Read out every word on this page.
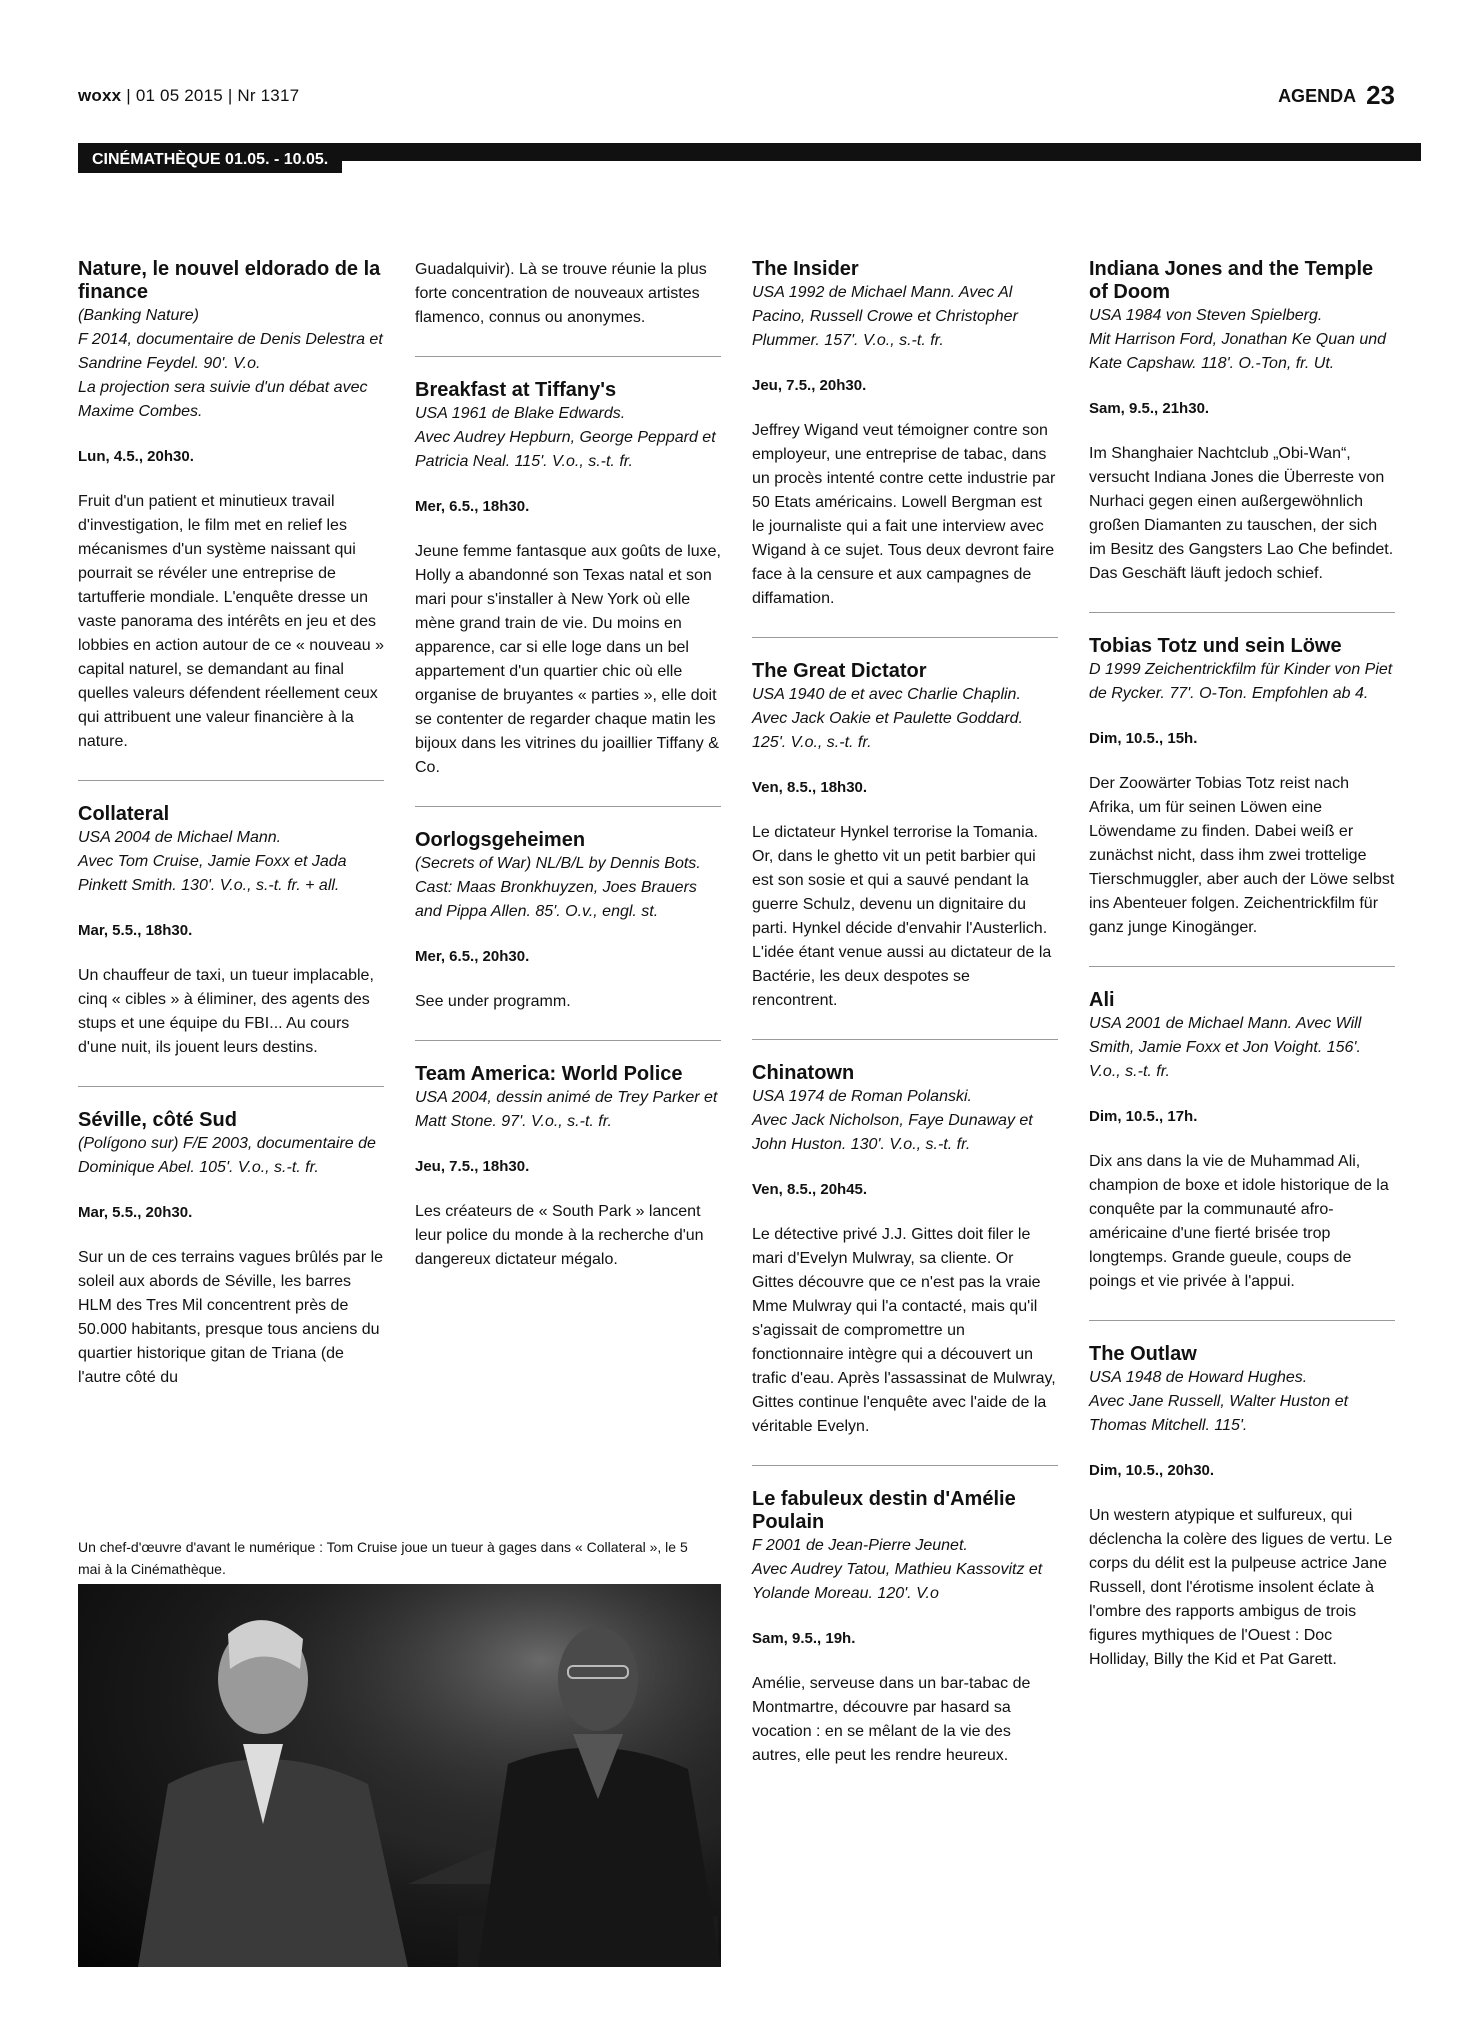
woxx | 01 05 2015 | Nr 1317	AGENDA 23
CINÉMATHÈQUE 01.05. - 10.05.
Nature, le nouvel eldorado de la finance
(Banking Nature)
F 2014, documentaire de Denis Delestra et Sandrine Feydel. 90'. V.o.
La projection sera suivie d'un débat avec Maxime Combes.
Lun, 4.5., 20h30.
Fruit d'un patient et minutieux travail d'investigation, le film met en relief les mécanismes d'un système naissant qui pourrait se révéler une entreprise de tartufferie mondiale. L'enquête dresse un vaste panorama des intérêts en jeu et des lobbies en action autour de ce « nouveau » capital naturel, se demandant au final quelles valeurs défendent réellement ceux qui attribuent une valeur financière à la nature.
Collateral
USA 2004 de Michael Mann.
Avec Tom Cruise, Jamie Foxx et Jada Pinkett Smith. 130'. V.o., s.-t. fr. + all.
Mar, 5.5., 18h30.
Un chauffeur de taxi, un tueur implacable, cinq « cibles » à éliminer, des agents des stups et une équipe du FBI... Au cours d'une nuit, ils jouent leurs destins.
Séville, côté Sud
(Polígono sur) F/E 2003, documentaire de Dominique Abel. 105'. V.o., s.-t. fr.
Mar, 5.5., 20h30.
Sur un de ces terrains vagues brûlés par le soleil aux abords de Séville, les barres HLM des Tres Mil concentrent près de 50.000 habitants, presque tous anciens du quartier historique gitan de Triana (de l'autre côté du
Guadalquivir). Là se trouve réunie la plus forte concentration de nouveaux artistes flamenco, connus ou anonymes.
Breakfast at Tiffany's
USA 1961 de Blake Edwards.
Avec Audrey Hepburn, George Peppard et Patricia Neal. 115'. V.o., s.-t. fr.
Mer, 6.5., 18h30.
Jeune femme fantasque aux goûts de luxe, Holly a abandonné son Texas natal et son mari pour s'installer à New York où elle mène grand train de vie. Du moins en apparence, car si elle loge dans un bel appartement d'un quartier chic où elle organise de bruyantes « parties », elle doit se contenter de regarder chaque matin les bijoux dans les vitrines du joaillier Tiffany & Co.
Oorlogsgeheimen
(Secrets of War) NL/B/L by Dennis Bots. Cast: Maas Bronkhuyzen, Joes Brauers and Pippa Allen. 85'. O.v., engl. st.
Mer, 6.5., 20h30.
See under programm.
Team America: World Police
USA 2004, dessin animé de Trey Parker et Matt Stone. 97'. V.o., s.-t. fr.
Jeu, 7.5., 18h30.
Les créateurs de « South Park » lancent leur police du monde à la recherche d'un dangereux dictateur mégalo.
The Insider
USA 1992 de Michael Mann. Avec Al Pacino, Russell Crowe et Christopher Plummer. 157'. V.o., s.-t. fr.
Jeu, 7.5., 20h30.
Jeffrey Wigand veut témoigner contre son employeur, une entreprise de tabac, dans un procès intenté contre cette industrie par 50 Etats américains. Lowell Bergman est le journaliste qui a fait une interview avec Wigand à ce sujet. Tous deux devront faire face à la censure et aux campagnes de diffamation.
The Great Dictator
USA 1940 de et avec Charlie Chaplin.
Avec Jack Oakie et Paulette Goddard. 125'. V.o., s.-t. fr.
Ven, 8.5., 18h30.
Le dictateur Hynkel terrorise la Tomania. Or, dans le ghetto vit un petit barbier qui est son sosie et qui a sauvé pendant la guerre Schulz, devenu un dignitaire du parti. Hynkel décide d'envahir l'Austerlich. L'idée étant venue aussi au dictateur de la Bactérie, les deux despotes se rencontrent.
Chinatown
USA 1974 de Roman Polanski.
Avec Jack Nicholson, Faye Dunaway et John Huston. 130'. V.o., s.-t. fr.
Ven, 8.5., 20h45.
Le détective privé J.J. Gittes doit filer le mari d'Evelyn Mulwray, sa cliente. Or Gittes découvre que ce n'est pas la vraie Mme Mulwray qui l'a contacté, mais qu'il s'agissait de compromettre un fonctionnaire intègre qui a découvert un trafic d'eau. Après l'assassinat de Mulwray, Gittes continue l'enquête avec l'aide de la véritable Evelyn.
Le fabuleux destin d'Amélie Poulain
F 2001 de Jean-Pierre Jeunet.
Avec Audrey Tatou, Mathieu Kassovitz et Yolande Moreau. 120'. V.o
Sam, 9.5., 19h.
Amélie, serveuse dans un bar-tabac de Montmartre, découvre par hasard sa vocation : en se mêlant de la vie des autres, elle peut les rendre heureux.
Indiana Jones and the Temple of Doom
USA 1984 von Steven Spielberg.
Mit Harrison Ford, Jonathan Ke Quan und Kate Capshaw. 118'. O.-Ton, fr. Ut.
Sam, 9.5., 21h30.
Im Shanghaier Nachtclub „Obi-Wan“, versucht Indiana Jones die Überreste von Nurhaci gegen einen außergewöhnlich großen Diamanten zu tauschen, der sich im Besitz des Gangsters Lao Che befindet. Das Geschäft läuft jedoch schief.
Tobias Totz und sein Löwe
D 1999 Zeichentrickfilm für Kinder von Piet de Rycker. 77'. O-Ton. Empfohlen ab 4.
Dim, 10.5., 15h.
Der Zoowärter Tobias Totz reist nach Afrika, um für seinen Löwen eine Löwendame zu finden. Dabei weiß er zunächst nicht, dass ihm zwei trottelige Tierschmuggler, aber auch der Löwe selbst ins Abenteuer folgen. Zeichentrickfilm für ganz junge Kinogänger.
Ali
USA 2001 de Michael Mann. Avec Will Smith, Jamie Foxx et Jon Voight. 156'. V.o., s.-t. fr.
Dim, 10.5., 17h.
Dix ans dans la vie de Muhammad Ali, champion de boxe et idole historique de la conquête par la communauté afro-américaine d'une fierté brisée trop longtemps. Grande gueule, coups de poings et vie privée à l'appui.
The Outlaw
USA 1948 de Howard Hughes.
Avec Jane Russell, Walter Huston et Thomas Mitchell. 115'.
Dim, 10.5., 20h30.
Un western atypique et sulfureux, qui déclencha la colère des ligues de vertu. Le corps du délit est la pulpeuse actrice Jane Russell, dont l'érotisme insolent éclate à l'ombre des rapports ambigus de trois figures mythiques de l'Ouest : Doc Holliday, Billy the Kid et Pat Garett.
Un chef-d'œuvre d'avant le numérique : Tom Cruise joue un tueur à gages dans « Collateral », le 5 mai à la Cinémathèque.
